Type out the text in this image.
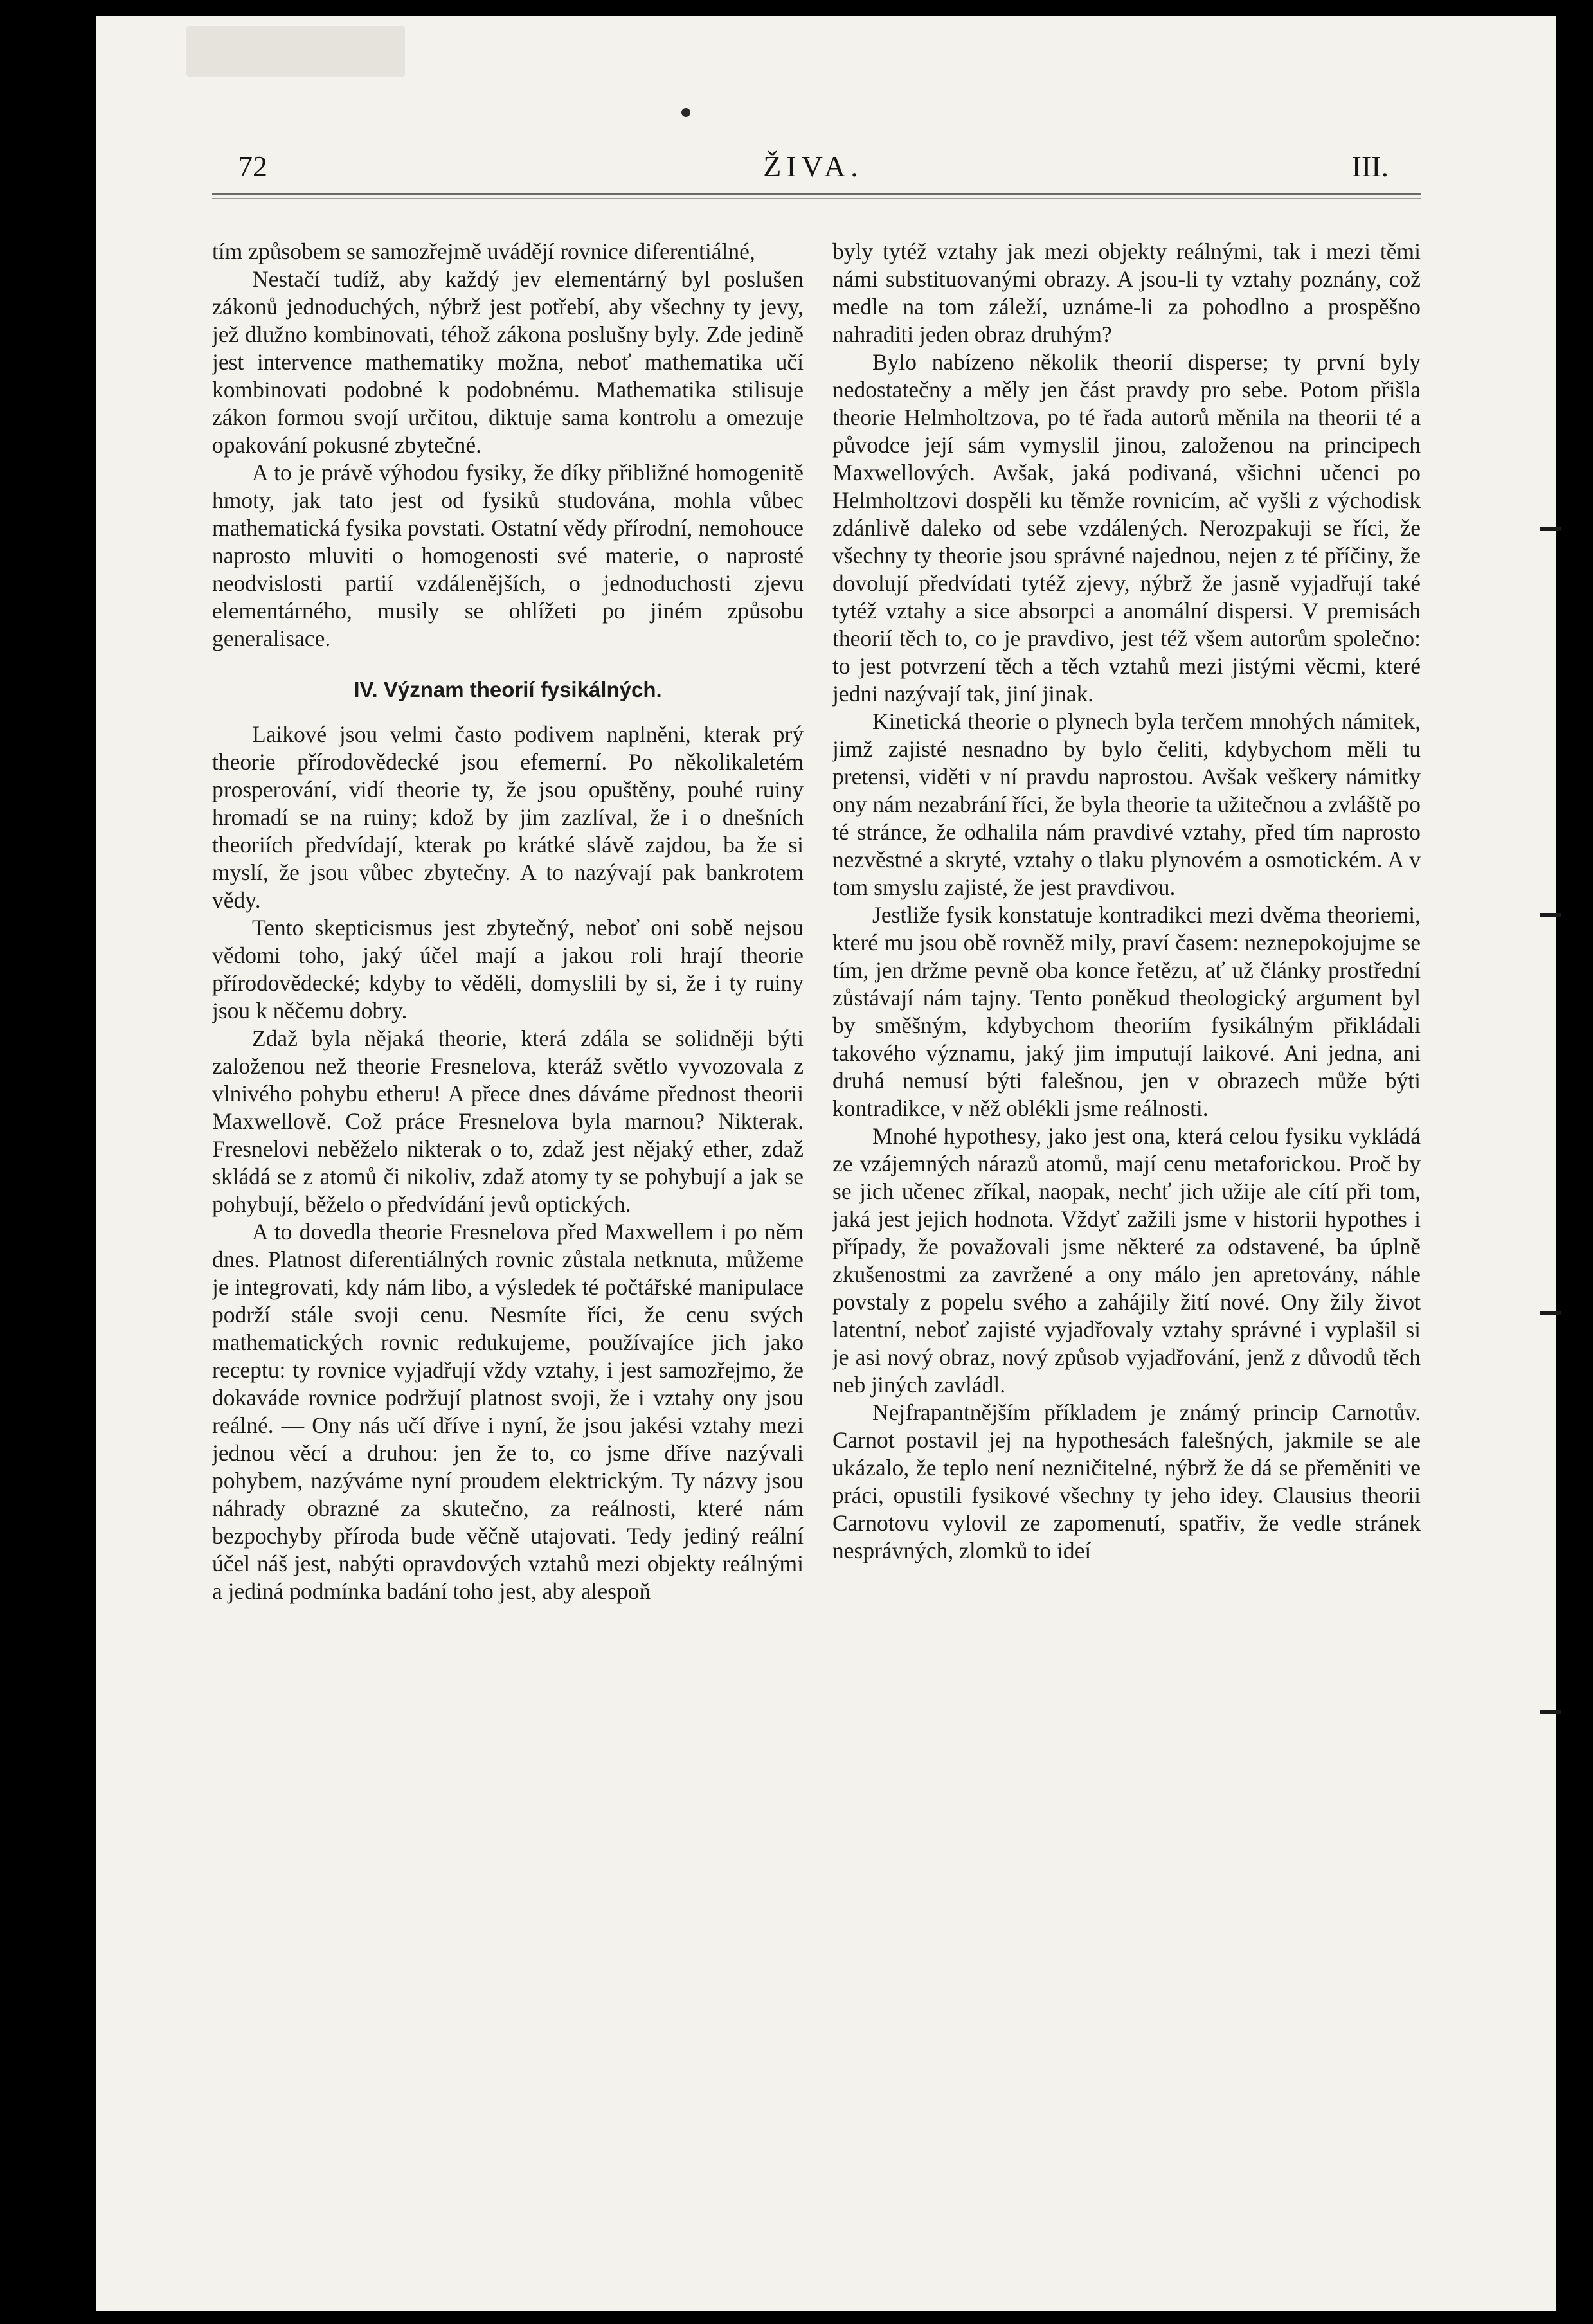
72	ŽIVA.	III.

tím způsobem se samozřejmě uvádějí rovnice diferentiálné,

Nestačí tudíž, aby každý jev elementárný byl poslušen zákonů jednoduchých, nýbrž jest potřebí, aby všechny ty jevy, jež dlužno kombinovati, téhož zákona poslušny byly. Zde jedině jest intervence mathematiky možna, neboť mathematika učí kombinovati podobné k podobnému. Mathematika stilisuje zákon formou svojí určitou, diktuje sama kontrolu a omezuje opakování pokusné zbytečné.

A to je právě výhodou fysiky, že díky přibližné homogenitě hmoty, jak tato jest od fysiků studována, mohla vůbec mathematická fysika povstati. Ostatní vědy přírodní, nemohouce naprosto mluviti o homogenosti své materie, o naprosté neodvislosti partií vzdálenějších, o jednoduchosti zjevu elementárného, musily se ohlížeti po jiném způsobu generalisace.

IV. Význam theorií fysikálných.

Laikové jsou velmi často podivem naplněni, kterak prý theorie přírodovědecké jsou efemerní. Po několikaletém prosperování, vidí theorie ty, že jsou opuštěny, pouhé ruiny hromadí se na ruiny; kdož by jim zazlíval, že i o dnešních theoriích předvídají, kterak po krátké slávě zajdou, ba že si myslí, že jsou vůbec zbytečny. A to nazývají pak bankrotem vědy.

Tento skepticismus jest zbytečný, neboť oni sobě nejsou vědomi toho, jaký účel mají a jakou roli hrají theorie přírodovědecké; kdyby to věděli, domyslili by si, že i ty ruiny jsou k něčemu dobry.

Zdaž byla nějaká theorie, která zdála se solidněji býti založenou než theorie Fresnelova, kteráž světlo vyvozovala z vlnivého pohybu etheru! A přece dnes dáváme přednost theorii Maxwellově. Což práce Fresnelova byla marnou? Nikterak. Fresnelovi neběželo nikterak o to, zdaž jest nějaký ether, zdaž skládá se z atomů či nikoliv, zdaž atomy ty se pohybují a jak se pohybují, běželo o předvídání jevů optických.

A to dovedla theorie Fresnelova před Maxwellem i po něm dnes. Platnost diferentiálných rovnic zůstala netknuta, můžeme je integrovati, kdy nám libo, a výsledek té počtářské manipulace podrží stále svoji cenu. Nesmíte říci, že cenu svých mathematických rovnic redukujeme, používajíce jich jako receptu: ty rovnice vyjadřují vždy vztahy, i jest samozřejmo, že dokaváde rovnice podržují platnost svoji, že i vztahy ony jsou reálné. — Ony nás učí dříve i nyní, že jsou jakési vztahy mezi jednou věcí a druhou: jen že to, co jsme dříve nazývali pohybem, nazýváme nyní proudem elektrickým. Ty názvy jsou náhrady obrazné za skutečno, za reálnosti, které nám bezpochyby příroda bude věčně utajovati. Tedy jediný reální účel náš jest, nabýti opravdových vztahů mezi objekty reálnými a jediná podmínka badání toho jest, aby alespoň

byly tytéž vztahy jak mezi objekty reálnými, tak i mezi těmi námi substituovanými obrazy. A jsou-li ty vztahy poznány, což medle na tom záleží, uznáme-li za pohodlno a prospěšno nahraditi jeden obraz druhým?

Bylo nabízeno několik theorií disperse; ty první byly nedostatečny a měly jen část pravdy pro sebe. Potom přišla theorie Helmholtzova, po té řada autorů měnila na theorii té a původce její sám vymyslil jinou, založenou na principech Maxwellových. Avšak, jaká podivaná, všichni učenci po Helmholtzovi dospěli ku těmže rovnicím, ač vyšli z východisk zdánlivě daleko od sebe vzdálených. Nerozpakuji se říci, že všechny ty theorie jsou správné najednou, nejen z té příčiny, že dovolují předvídati tytéž zjevy, nýbrž že jasně vyjadřují také tytéž vztahy a sice absorpci a anomální dispersi. V premisách theorií těch to, co je pravdivo, jest též všem autorům společno: to jest potvrzení těch a těch vztahů mezi jistými věcmi, které jedni nazývají tak, jiní jinak.

Kinetická theorie o plynech byla terčem mnohých námitek, jimž zajisté nesnadno by bylo čeliti, kdybychom měli tu pretensi, viděti v ní pravdu naprostou. Avšak veškery námitky ony nám nezabrání říci, že byla theorie ta užitečnou a zvláště po té stránce, že odhalila nám pravdivé vztahy, před tím naprosto nezvěstné a skryté, vztahy o tlaku plynovém a osmotickém. A v tom smyslu zajisté, že jest pravdivou.

Jestliže fysik konstatuje kontradikci mezi dvěma theoriemi, které mu jsou obě rovněž mily, praví časem: neznepokojujme se tím, jen držme pevně oba konce řetězu, ať už články prostřední zůstávají nám tajny. Tento poněkud theologický argument byl by směšným, kdybychom theoriím fysikálným přikládali takového významu, jaký jim imputují laikové. Ani jedna, ani druhá nemusí býti falešnou, jen v obrazech může býti kontradikce, v něž oblékli jsme reálnosti.

Mnohé hypothesy, jako jest ona, která celou fysiku vykládá ze vzájemných nárazů atomů, mají cenu metaforickou. Proč by se jich učenec zříkal, naopak, nechť jich užije ale cítí při tom, jaká jest jejich hodnota. Vždyť zažili jsme v historii hypothes i případy, že považovali jsme některé za odstavené, ba úplně zkušenostmi za zavržené a ony málo jen apretovány, náhle povstaly z popelu svého a zahájily žití nové. Ony žily život latentní, neboť zajisté vyjadřovaly vztahy správné i vyplašil si je asi nový obraz, nový způsob vyjadřování, jenž z důvodů těch neb jiných zavládl.

Nejfrapantnějším příkladem je známý princip Carnotův. Carnot postavil jej na hypothesách falešných, jakmile se ale ukázalo, že teplo není nezničitelné, nýbrž že dá se přeměniti ve práci, opustili fysikové všechny ty jeho idey. Clausius theorii Carnotovu vylovil ze zapomenutí, spatřiv, že vedle stránek nesprávných, zlomků to ideí
